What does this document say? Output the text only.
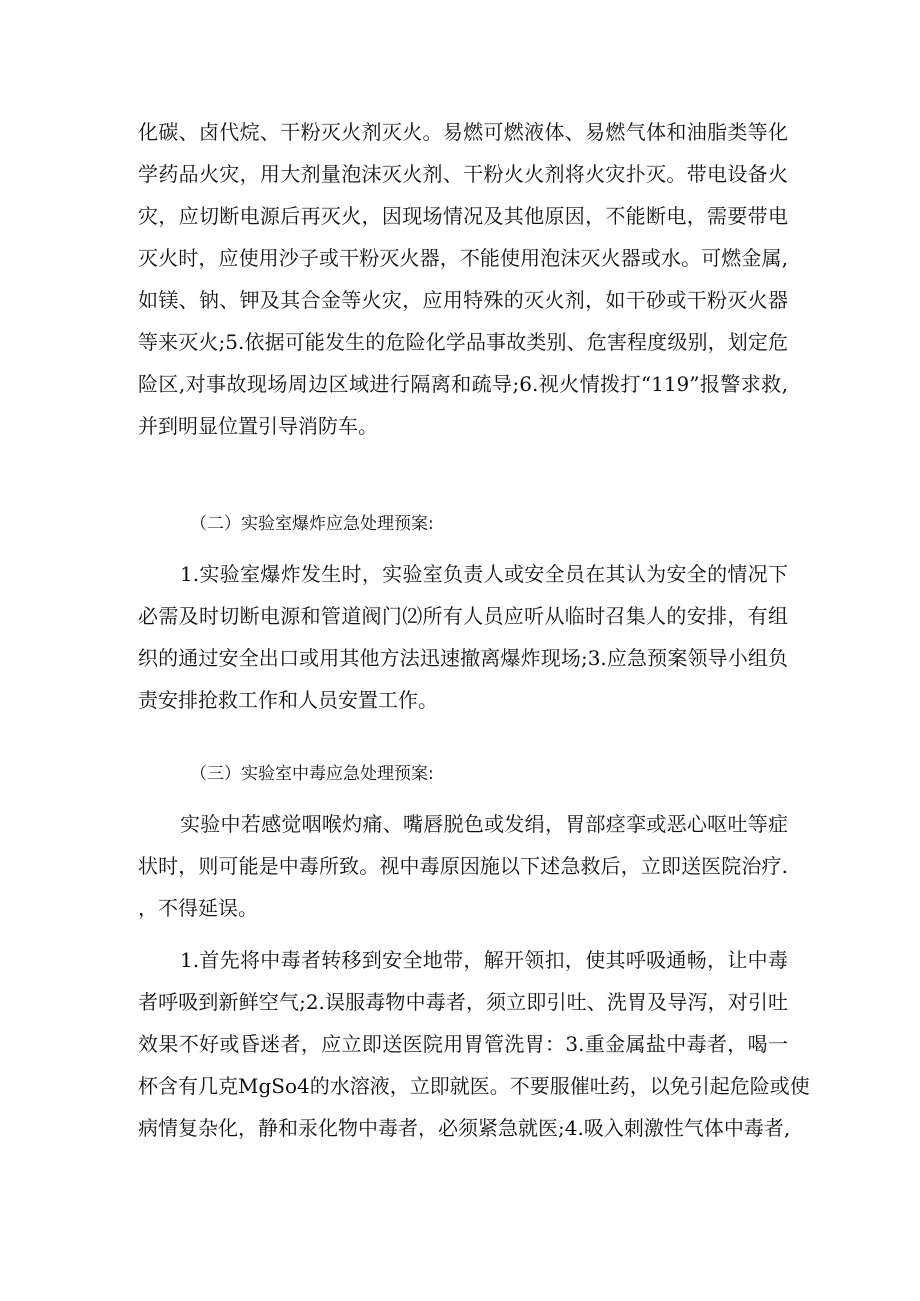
化碳、卤代烷、干粉灭火剂灭火。易燃可燃液体、易燃气体和油脂类等化
学药品火灾，用大剂量泡沫灭火剂、干粉火火剂将火灾扑灭。带电设备火
灾，应切断电源后再灭火，因现场情况及其他原因，不能断电，需要带电
灭火时，应使用沙子或干粉灭火器，不能使用泡沫灭火器或水。可燃金属,
如镁、钠、钾及其合金等火灾，应用特殊的灭火剂，如干砂或干粉灭火器
等来灭火;5.依据可能发生的危险化学品事故类别、危害程度级别，划定危
险区,对事故现场周边区域进行隔离和疏导;6.视火情拨打“119”报警求救,
并到明显位置引导消防车。
（二）实验室爆炸应急处理预案:
1.实验室爆炸发生时，实验室负责人或安全员在其认为安全的情况下
必需及时切断电源和管道阀门⑵所有人员应听从临时召集人的安排，有组
织的通过安全出口或用其他方法迅速撤离爆炸现场;3.应急预案领导小组负
责安排抢救工作和人员安置工作。
（三）实验室中毒应急处理预案:
实验中若感觉咽喉灼痛、嘴唇脱色或发绢，胃部痉挛或恶心呕吐等症
状时，则可能是中毒所致。视中毒原因施以下述急救后，立即送医院治疗.
，不得延误。
1.首先将中毒者转移到安全地带，解开领扣，使其呼吸通畅，让中毒
者呼吸到新鲜空气;2.误服毒物中毒者，须立即引吐、洗胃及导泻，对引吐
效果不好或昏迷者，应立即送医院用胃管洗胃：3.重金属盐中毒者，喝一
杯含有几克MgSo4的水溶液，立即就医。不要服催吐药，以免引起危险或使
病情复杂化，静和汞化物中毒者，必须紧急就医;4.吸入刺激性气体中毒者,
